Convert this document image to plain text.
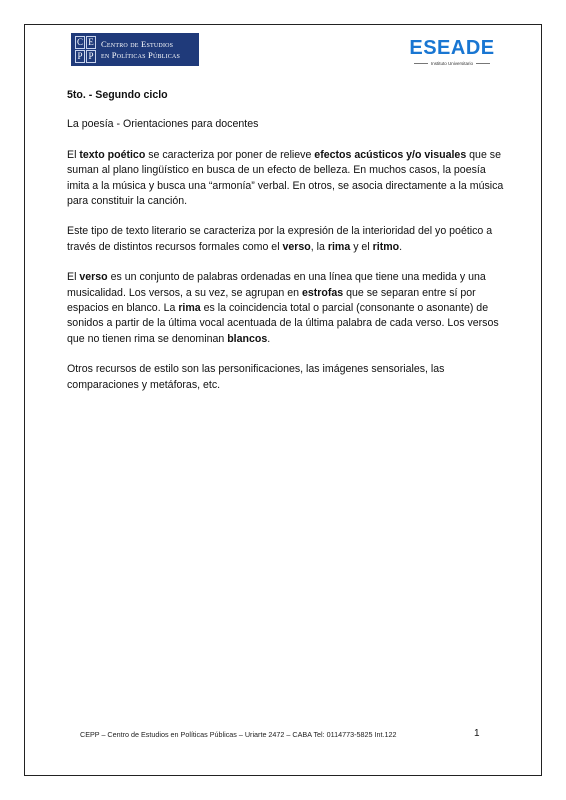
C E
P P
Centro de Estudios
en Políticas Públicas	ESEADE
Instituto Universitario

5to. - Segundo ciclo

La poesía - Orientaciones para docentes

El texto poético se caracteriza por poner de relieve efectos acústicos y/o visuales que se suman al plano lingüístico en busca de un efecto de belleza. En muchos casos, la poesía imita a la música y busca una “armonía” verbal. En otros, se asocia directamente a la música para constituir la canción.

Este tipo de texto literario se caracteriza por la expresión de la interioridad del yo poético a través de distintos recursos formales como el verso, la rima y el ritmo.

El verso es un conjunto de palabras ordenadas en una línea que tiene una medida y una musicalidad. Los versos, a su vez, se agrupan en estrofas que se separan entre sí por espacios en blanco. La rima es la coincidencia total o parcial (consonante o asonante) de sonidos a partir de la última vocal acentuada de la última palabra de cada verso. Los versos que no tienen rima se denominan blancos.

Otros recursos de estilo son las personificaciones, las imágenes sensoriales, las comparaciones y metáforas, etc.

CEPP – Centro de Estudios en Políticas Públicas – Uriarte 2472 – CABA Tel: 0114773-5825 Int.122	1
